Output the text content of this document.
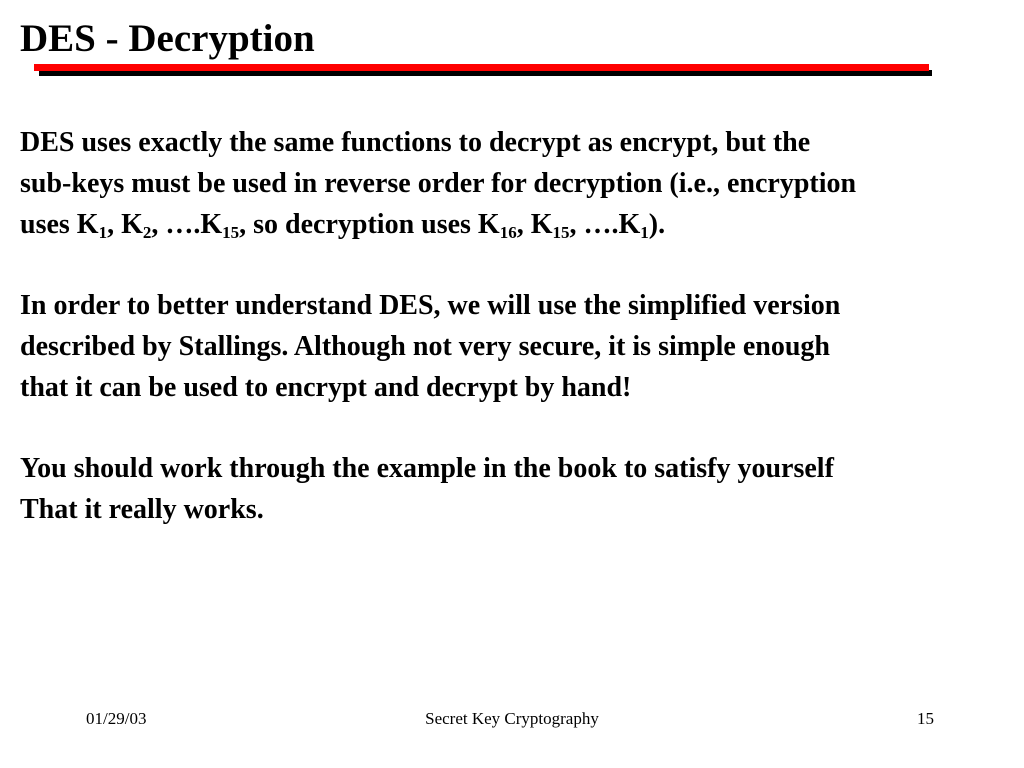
DES - Decryption

DES uses exactly the same functions to decrypt as encrypt, but the
sub-keys must be used in reverse order for decryption (i.e., encryption
uses $K_1$, $K_2$, $\dots.K_{15}$, so decryption uses $K_{16}$, $K_{15}$, $\dots.K_1$).

In order to better understand DES, we will use the simplified version
described by Stallings. Although not very secure, it is simple enough
that it can be used to encrypt and decrypt by hand!

You should work through the example in the book to satisfy yourself
That it really works.

01/29/03	Secret Key Cryptography	15
